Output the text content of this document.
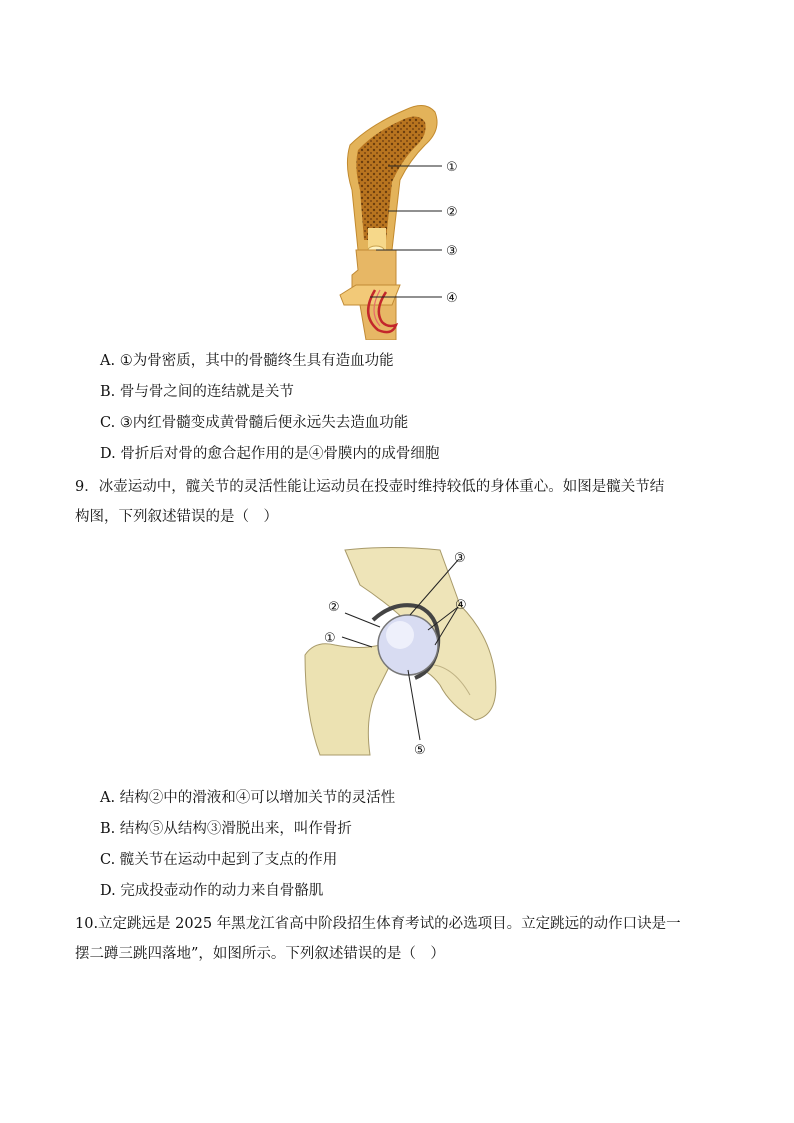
①
②
③
④
A. ①为骨密质，其中的骨髓终生具有造血功能
B. 骨与骨之间的连结就是关节
C. ③内红骨髓变成黄骨髓后便永远失去造血功能
D. 骨折后对骨的愈合起作用的是④骨膜内的成骨细胞
9．冰壶运动中，髋关节的灵活性能让运动员在投壶时维持较低的身体重心。如图是髋关节结
构图，下列叙述错误的是（　）
③
④
②
①
⑤
A. 结构②中的滑液和④可以增加关节的灵活性
B. 结构⑤从结构③滑脱出来，叫作骨折
C. 髋关节在运动中起到了支点的作用
D. 完成投壶动作的动力来自骨骼肌
10.立定跳远是 2025 年黑龙江省高中阶段招生体育考试的必选项目。立定跳远的动作口诀是一
摆二蹲三跳四落地”，如图所示。下列叙述错误的是（　）
